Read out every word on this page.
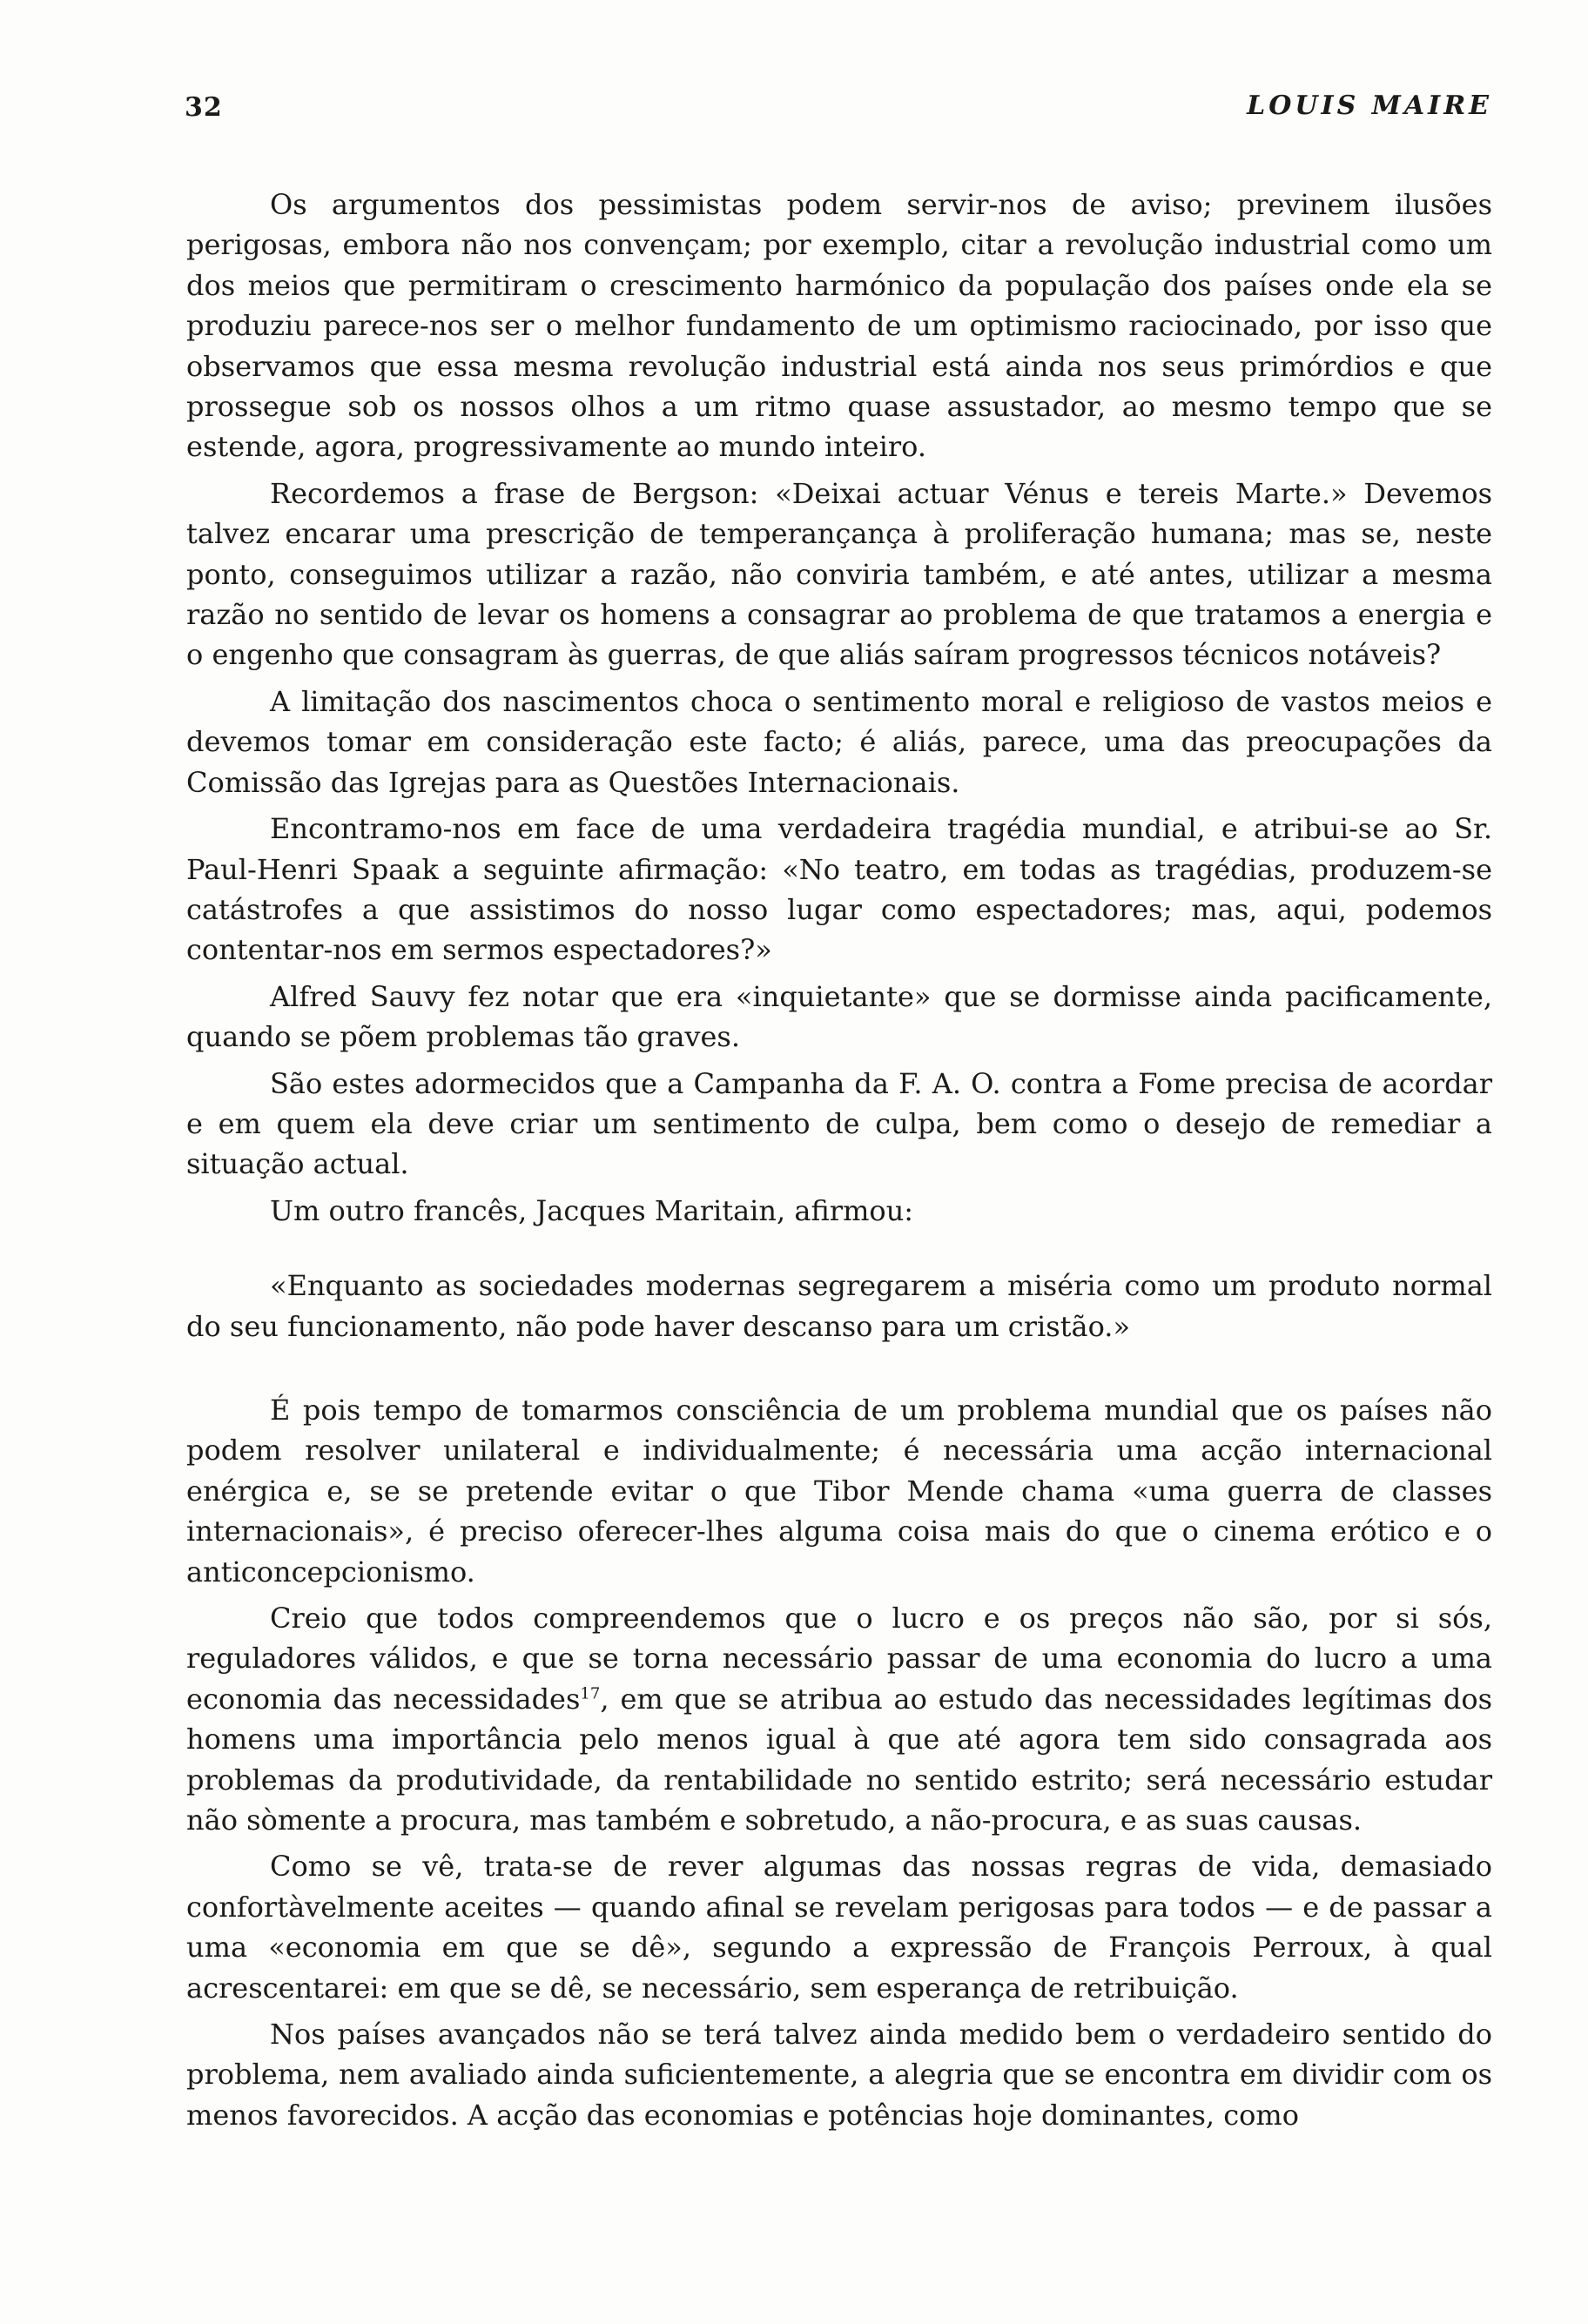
32	LOUIS MAIRE

Os argumentos dos pessimistas podem servir-nos de aviso; previnem ilusões perigosas, embora não nos convençam; por exemplo, citar a revolução industrial como um dos meios que permitiram o crescimento harmónico da população dos países onde ela se produziu parece-nos ser o melhor fundamento de um optimismo raciocinado, por isso que observamos que essa mesma revolução industrial está ainda nos seus primórdios e que prossegue sob os nossos olhos a um ritmo quase assustador, ao mesmo tempo que se estende, agora, progressivamente ao mundo inteiro.

Recordemos a frase de Bergson: «Deixai actuar Vénus e tereis Marte.» Devemos talvez encarar uma prescrição de temperançança à proliferação humana; mas se, neste ponto, conseguimos utilizar a razão, não conviria também, e até antes, utilizar a mesma razão no sentido de levar os homens a consagrar ao problema de que tratamos a energia e o engenho que consagram às guerras, de que aliás saíram progressos técnicos notáveis?

A limitação dos nascimentos choca o sentimento moral e religioso de vastos meios e devemos tomar em consideração este facto; é aliás, parece, uma das preocupações da Comissão das Igrejas para as Questões Internacionais.

Encontramo-nos em face de uma verdadeira tragédia mundial, e atribui-se ao Sr. Paul-Henri Spaak a seguinte afirmação: «No teatro, em todas as tragédias, produzem-se catástrofes a que assistimos do nosso lugar como espectadores; mas, aqui, podemos contentar-nos em sermos espectadores?»

Alfred Sauvy fez notar que era «inquietante» que se dormisse ainda pacificamente, quando se põem problemas tão graves.

São estes adormecidos que a Campanha da F. A. O. contra a Fome precisa de acordar e em quem ela deve criar um sentimento de culpa, bem como o desejo de remediar a situação actual.

Um outro francês, Jacques Maritain, afirmou:

«Enquanto as sociedades modernas segregarem a miséria como um produto normal do seu funcionamento, não pode haver descanso para um cristão.»

É pois tempo de tomarmos consciência de um problema mundial que os países não podem resolver unilateral e individualmente; é necessária uma acção internacional enérgica e, se se pretende evitar o que Tibor Mende chama «uma guerra de classes internacionais», é preciso oferecer-lhes alguma coisa mais do que o cinema erótico e o anticoncepcionismo.

Creio que todos compreendemos que o lucro e os preços não são, por si sós, reguladores válidos, e que se torna necessário passar de uma economia do lucro a uma economia das necessidades$^{17}$, em que se atribua ao estudo das necessidades legítimas dos homens uma importância pelo menos igual à que até agora tem sido consagrada aos problemas da produtividade, da rentabilidade no sentido estrito; será necessário estudar não sòmente a procura, mas também e sobretudo, a não-procura, e as suas causas.

Como se vê, trata-se de rever algumas das nossas regras de vida, demasiado confortàvelmente aceites — quando afinal se revelam perigosas para todos — e de passar a uma «economia em que se dê», segundo a expressão de François Perroux, à qual acrescentarei: em que se dê, se necessário, sem esperança de retribuição.

Nos países avançados não se terá talvez ainda medido bem o verdadeiro sentido do problema, nem avaliado ainda suficientemente, a alegria que se encontra em dividir com os menos favorecidos. A acção das economias e potências hoje dominantes, como
